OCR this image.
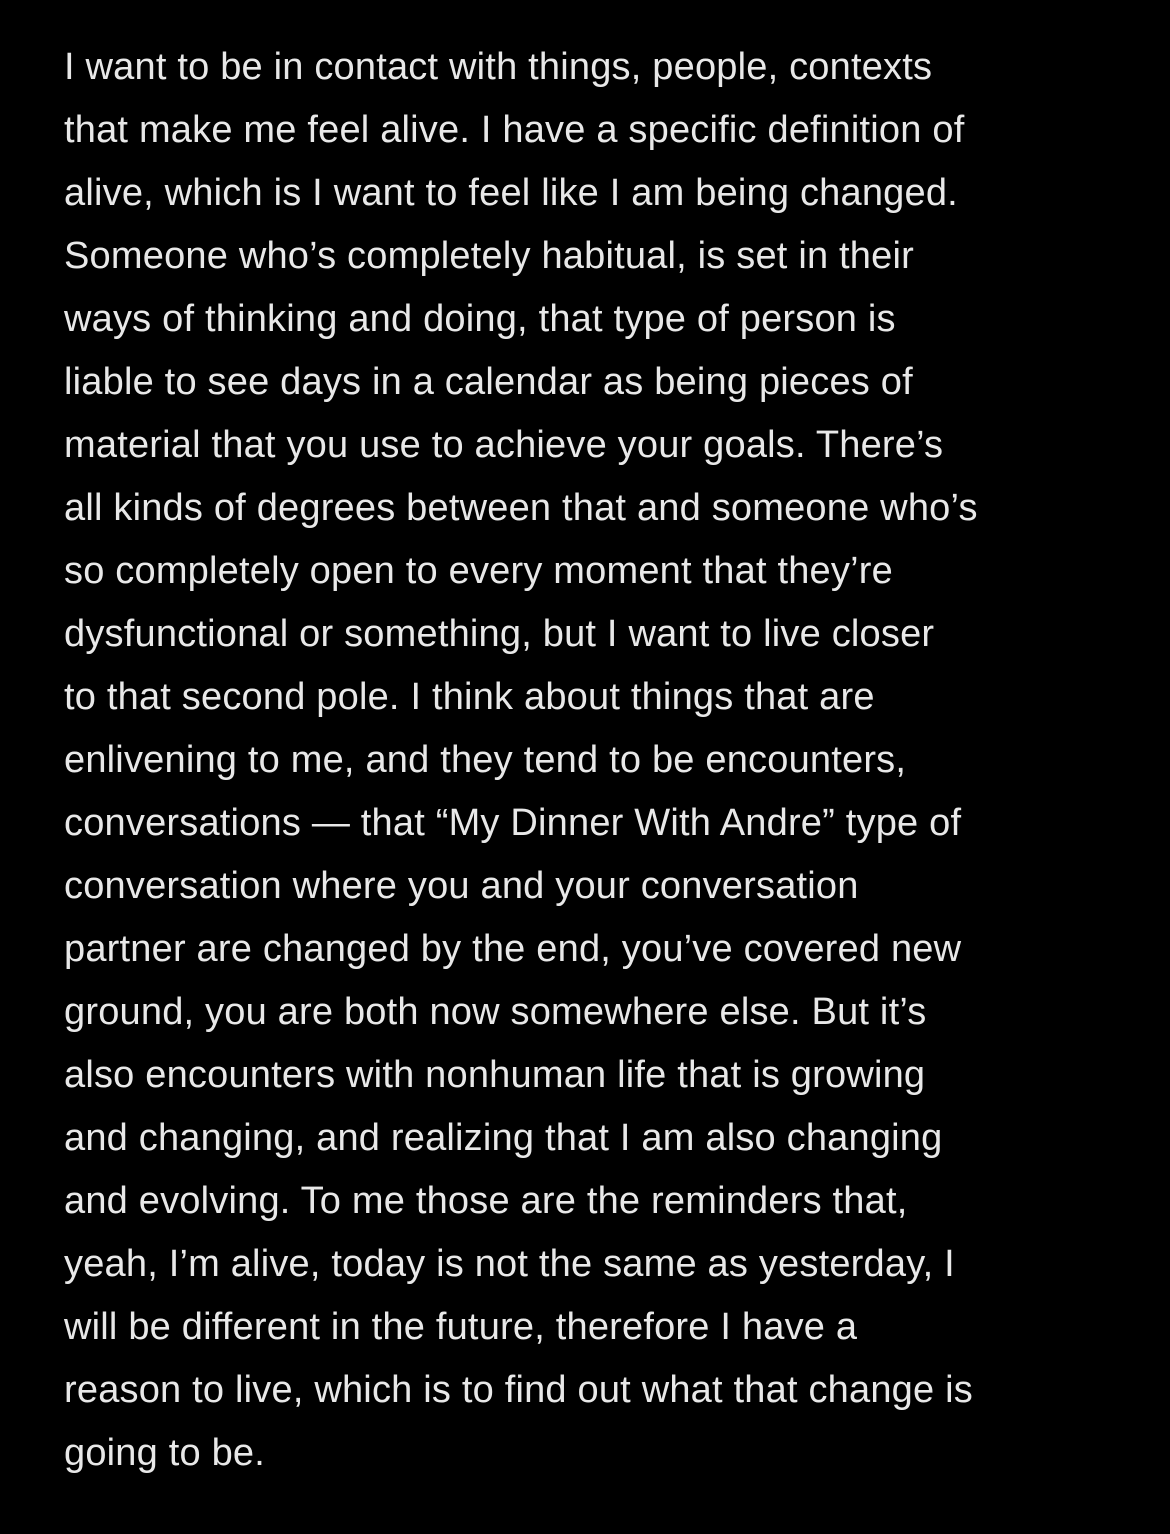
I want to be in contact with things, people, contexts
that make me feel alive. I have a specific definition of
alive, which is I want to feel like I am being changed.
Someone who’s completely habitual, is set in their
ways of thinking and doing, that type of person is
liable to see days in a calendar as being pieces of
material that you use to achieve your goals. There’s
all kinds of degrees between that and someone who’s
so completely open to every moment that they’re
dysfunctional or something, but I want to live closer
to that second pole. I think about things that are
enlivening to me, and they tend to be encounters,
conversations — that “My Dinner With Andre” type of
conversation where you and your conversation
partner are changed by the end, you’ve covered new
ground, you are both now somewhere else. But it’s
also encounters with nonhuman life that is growing
and changing, and realizing that I am also changing
and evolving. To me those are the reminders that,
yeah, I’m alive, today is not the same as yesterday, I
will be different in the future, therefore I have a
reason to live, which is to find out what that change is
going to be.
